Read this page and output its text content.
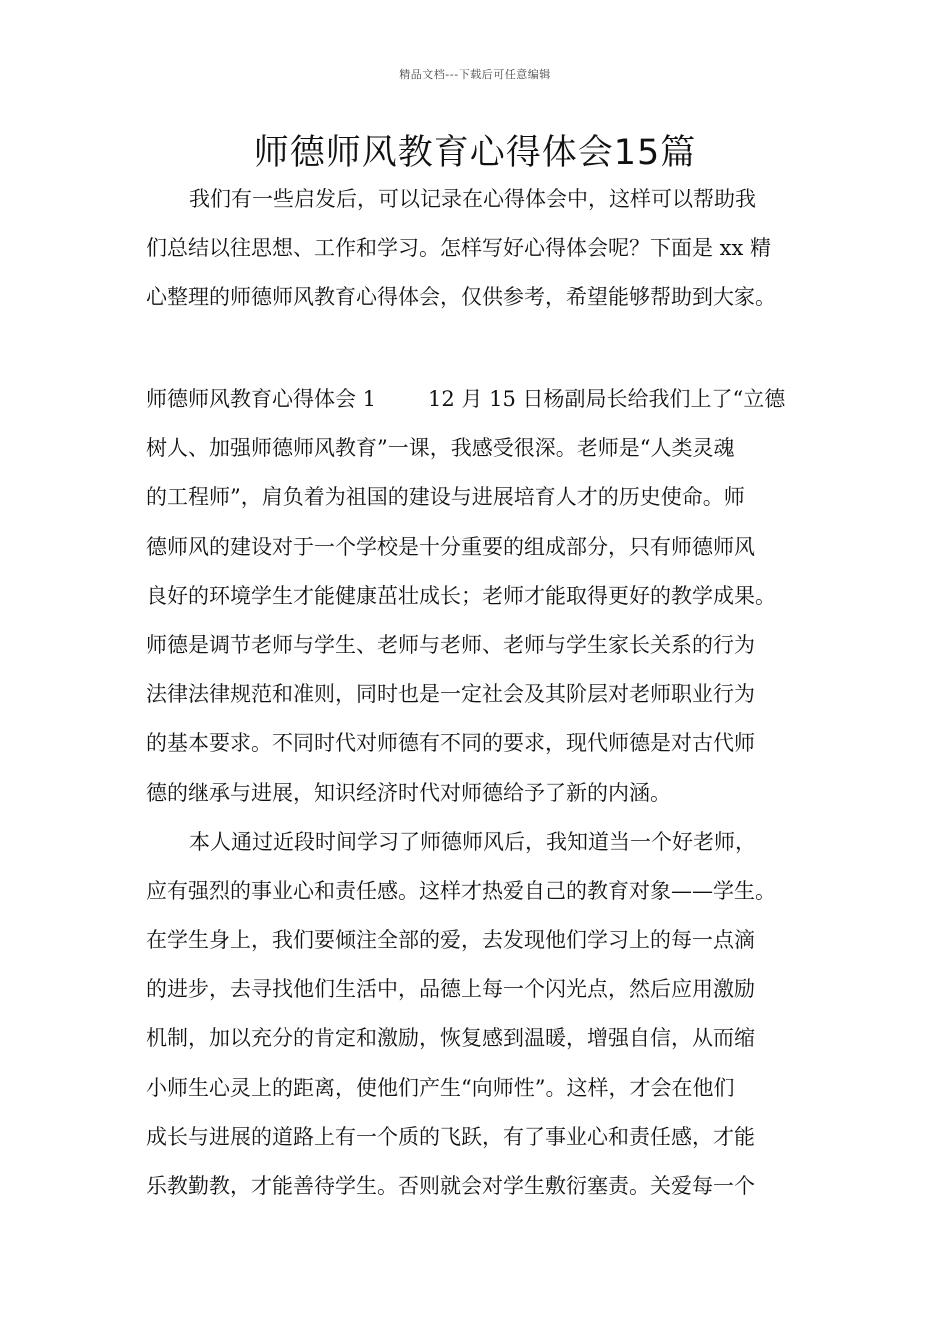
精品文档---下载后可任意编辑
师德师风教育心得体会15篇
我们有一些启发后，可以记录在心得体会中，这样可以帮助我
们总结以往思想、工作和学习。怎样写好心得体会呢？下面是 xx 精
心整理的师德师风教育心得体会，仅供参考，希望能够帮助到大家。
师德师风教育心得体会 1 12 月 15 日杨副局长给我们上了“立德
树人、加强师德师风教育”一课，我感受很深。老师是“人类灵魂
的工程师”，肩负着为祖国的建设与进展培育人才的历史使命。师
德师风的建设对于一个学校是十分重要的组成部分，只有师德师风
良好的环境学生才能健康茁壮成长；老师才能取得更好的教学成果。
师德是调节老师与学生、老师与老师、老师与学生家长关系的行为
法律法律规范和准则，同时也是一定社会及其阶层对老师职业行为
的基本要求。不同时代对师德有不同的要求，现代师德是对古代师
德的继承与进展，知识经济时代对师德给予了新的内涵。
本人通过近段时间学习了师德师风后，我知道当一个好老师，
应有强烈的事业心和责任感。这样才热爱自己的教育对象——学生。
在学生身上，我们要倾注全部的爱，去发现他们学习上的每一点滴
的进步，去寻找他们生活中，品德上每一个闪光点，然后应用激励
机制，加以充分的肯定和激励，恢复感到温暖，增强自信，从而缩
小师生心灵上的距离，使他们产生“向师性”。这样，才会在他们
成长与进展的道路上有一个质的飞跃，有了事业心和责任感，才能
乐教勤教，才能善待学生。否则就会对学生敷衍塞责。关爱每一个
